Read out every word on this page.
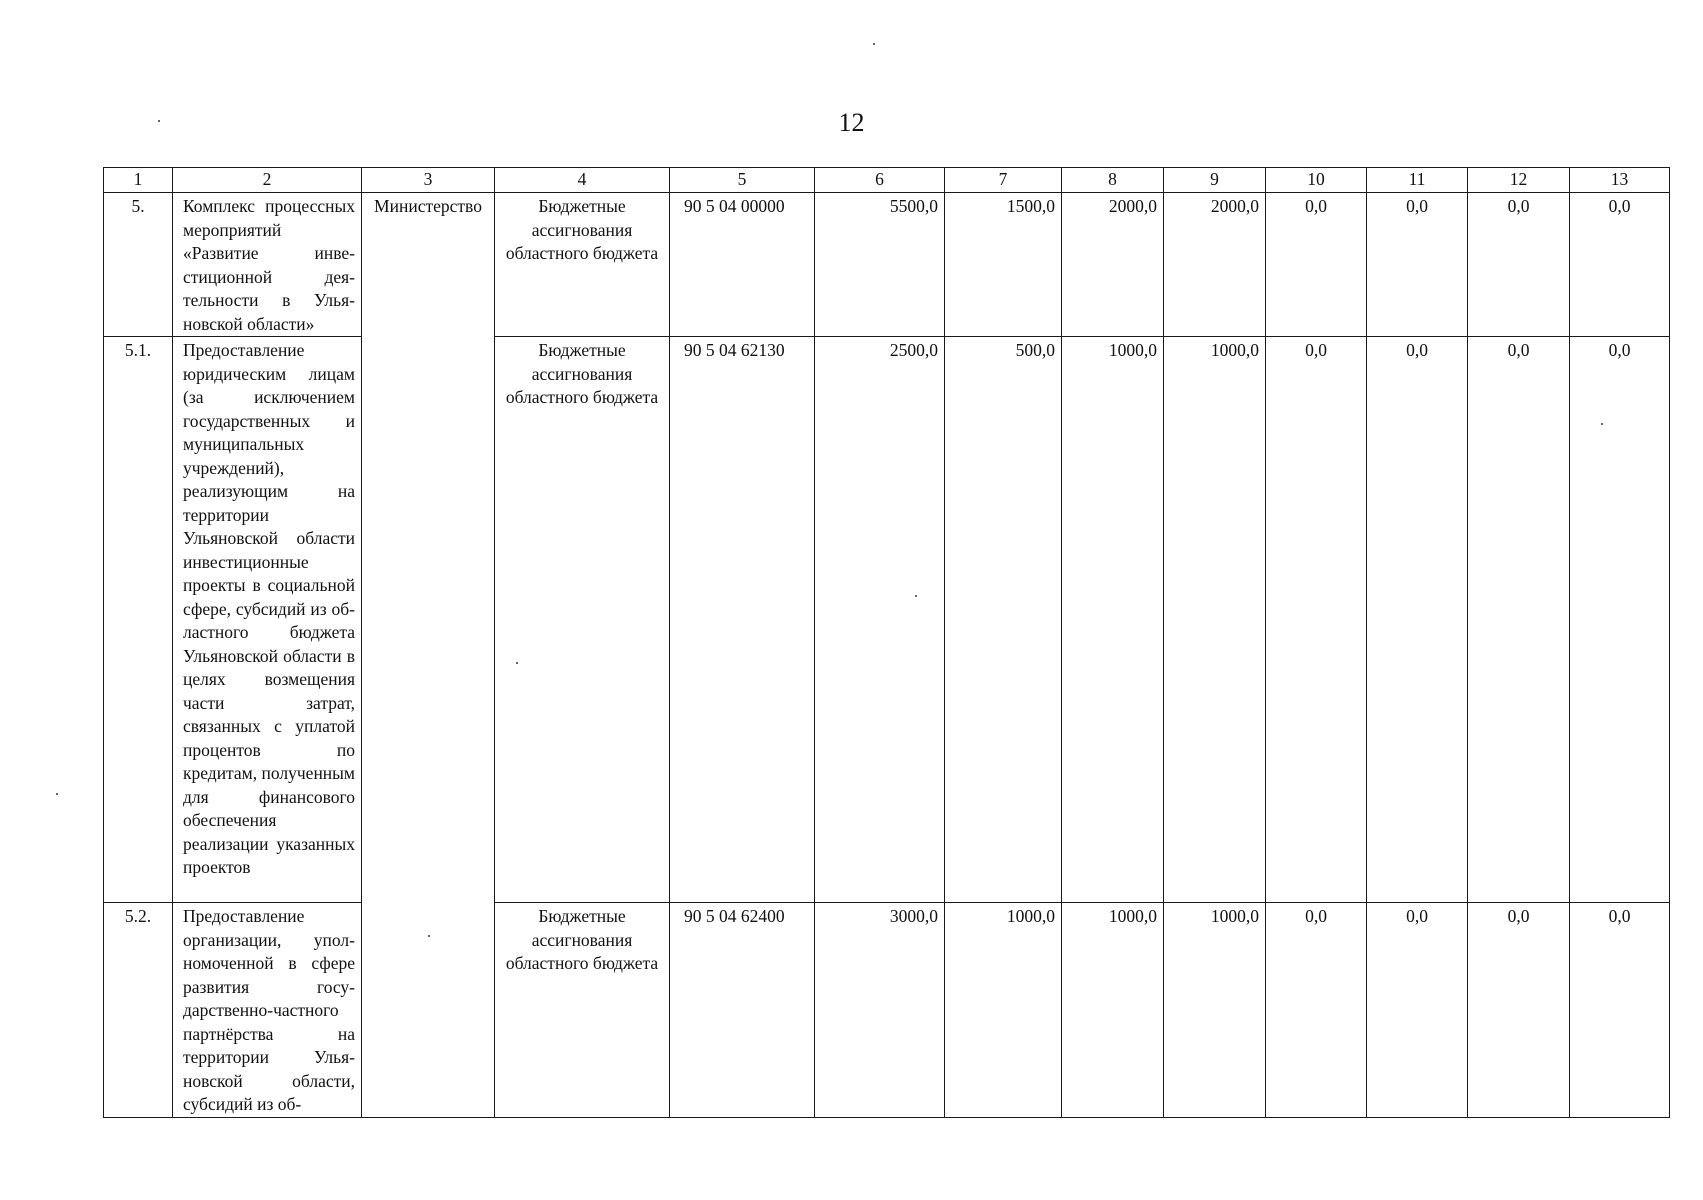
12
1	2	3	4	5	6	7	8	9	10	11	12	13
5.	Комплекс процессных мероприятий «Развитие инвестиционной деятельности в Ульяновской области»	Министерство	Бюджетные ассигнования областного бюджета	90 5 04 00000	5500,0	1500,0	2000,0	2000,0	0,0	0,0	0,0	0,0
5.1.	Предоставление юридическим лицам (за исключением государственных и муниципальных учреждений), реализующим на территории Ульяновской области инвестиционные проекты в социальной сфере, субсидий из областного бюджета Ульяновской области в целях возмещения части затрат, связанных с уплатой процентов по кредитам, полученным для финансового обеспечения реализации указанных проектов		Бюджетные ассигнования областного бюджета	90 5 04 62130	2500,0	500,0	1000,0	1000,0	0,0	0,0	0,0	0,0
5.2.	Предоставление организации, уполномоченной в сфере развития государственно-частного партнёрства на территории Ульяновской области, субсидий из об-		Бюджетные ассигнования областного бюджета	90 5 04 62400	3000,0	1000,0	1000,0	1000,0	0,0	0,0	0,0	0,0
